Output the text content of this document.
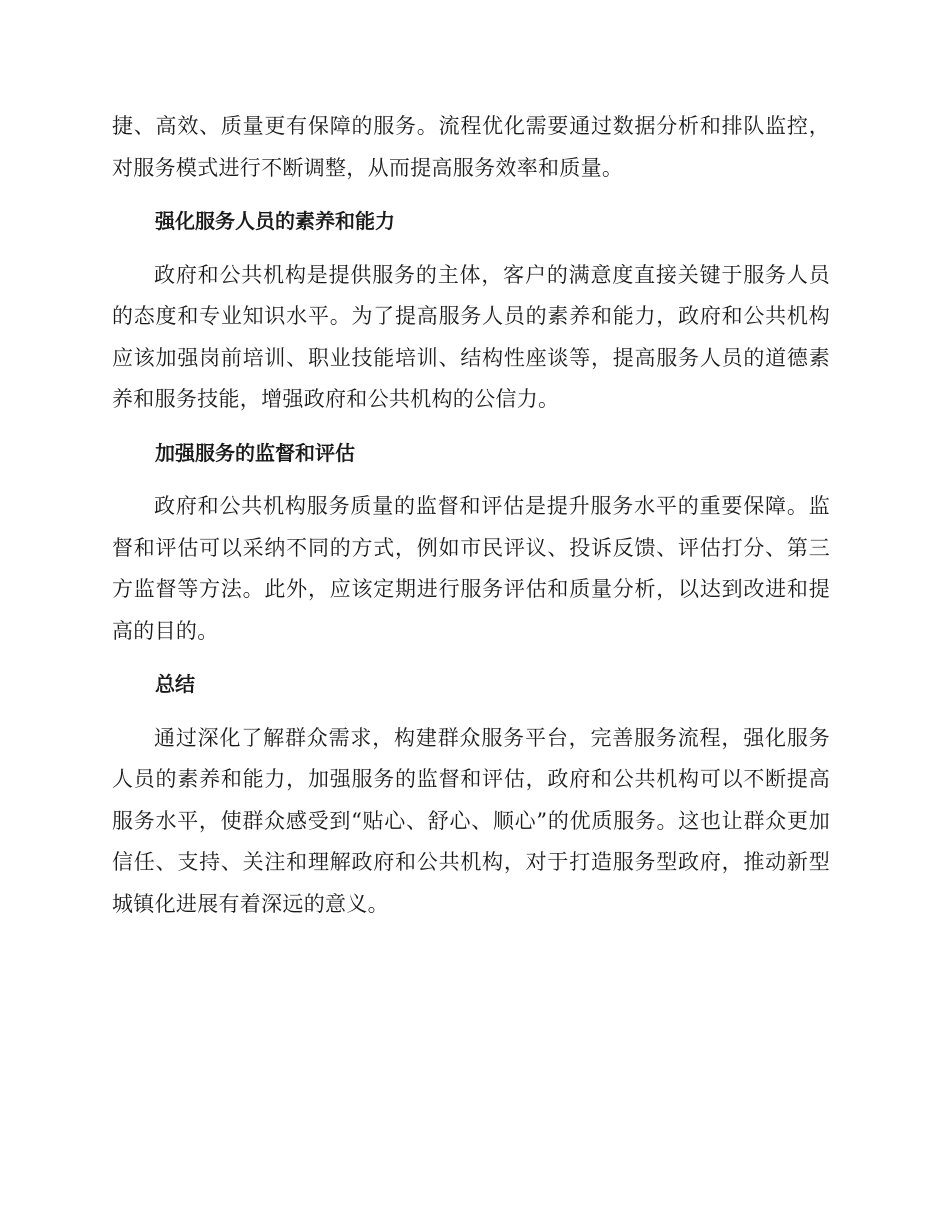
捷、高效、质量更有保障的服务。流程优化需要通过数据分析和排队监控，对服务模式进行不断调整，从而提高服务效率和质量。

强化服务人员的素养和能力

政府和公共机构是提供服务的主体，客户的满意度直接关键于服务人员的态度和专业知识水平。为了提高服务人员的素养和能力，政府和公共机构应该加强岗前培训、职业技能培训、结构性座谈等，提高服务人员的道德素养和服务技能，增强政府和公共机构的公信力。

加强服务的监督和评估

政府和公共机构服务质量的监督和评估是提升服务水平的重要保障。监督和评估可以采纳不同的方式，例如市民评议、投诉反馈、评估打分、第三方监督等方法。此外，应该定期进行服务评估和质量分析，以达到改进和提高的目的。

总结

通过深化了解群众需求，构建群众服务平台，完善服务流程，强化服务人员的素养和能力，加强服务的监督和评估，政府和公共机构可以不断提高服务水平，使群众感受到“贴心、舒心、顺心”的优质服务。这也让群众更加信任、支持、关注和理解政府和公共机构，对于打造服务型政府，推动新型城镇化进展有着深远的意义。
